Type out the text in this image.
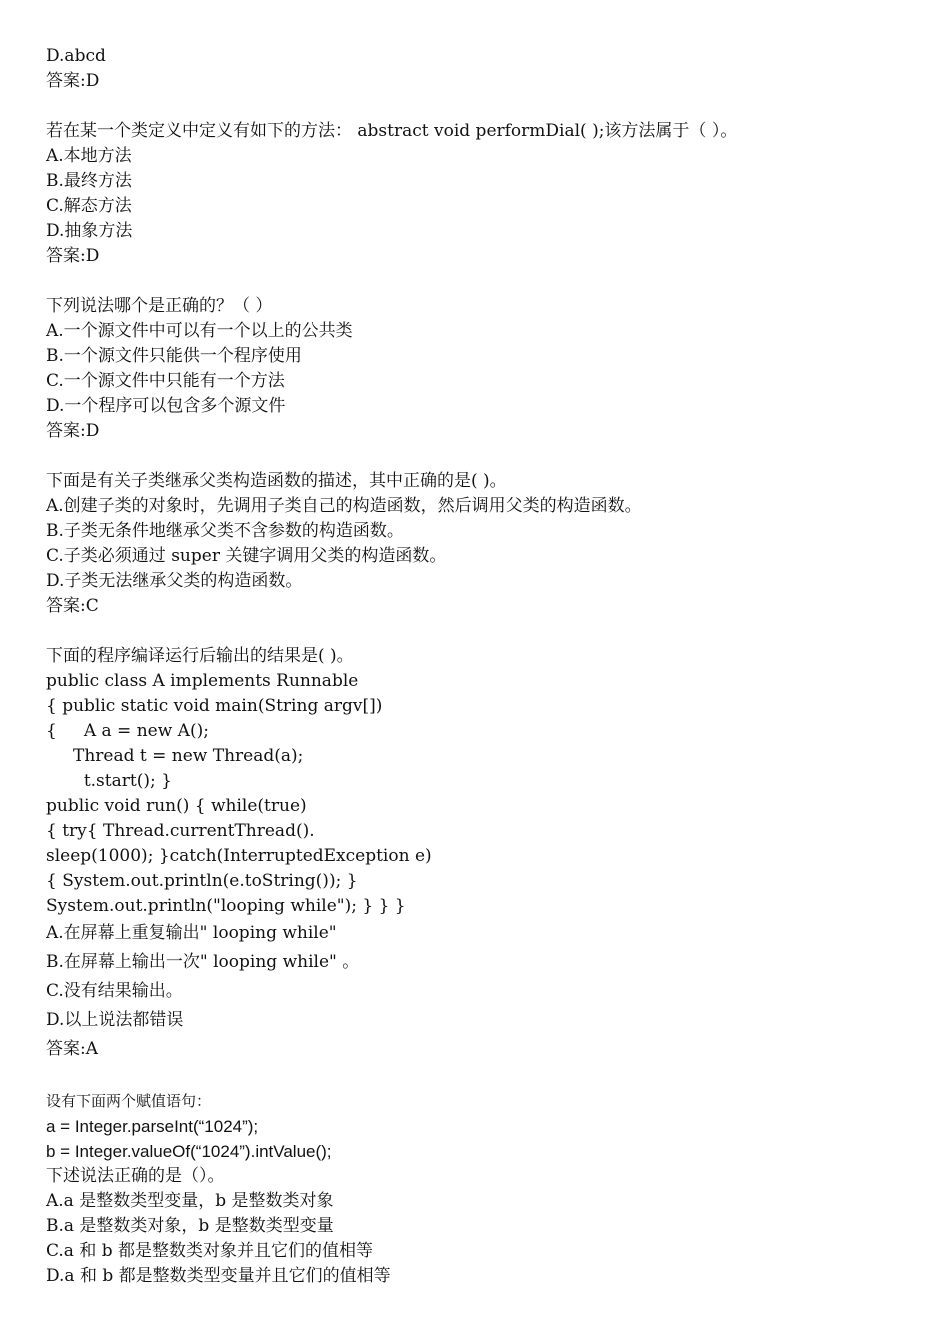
D.abcd
答案:D
若在某一个类定义中定义有如下的方法： abstract void performDial( );该方法属于（ ）。
A.本地方法
B.最终方法
C.解态方法
D.抽象方法
答案:D
下列说法哪个是正确的？（ ）
A.一个源文件中可以有一个以上的公共类
B.一个源文件只能供一个程序使用
C.一个源文件中只能有一个方法
D.一个程序可以包含多个源文件
答案:D
下面是有关子类继承父类构造函数的描述，其中正确的是( )。
A.创建子类的对象时，先调用子类自己的构造函数，然后调用父类的构造函数。
B.子类无条件地继承父类不含参数的构造函数。
C.子类必须通过 super 关键字调用父类的构造函数。
D.子类无法继承父类的构造函数。
答案:C
下面的程序编译运行后输出的结果是( )。
public class A implements Runnable
{ public static void main(String argv[])
{     A a = new A();
Thread t = new Thread(a);
t.start(); }
public void run() { while(true)
{ try{ Thread.currentThread().
sleep(1000); }catch(InterruptedException e)
{ System.out.println(e.toString()); }
System.out.println("looping while"); } } }
A.在屏幕上重复输出" looping while"
B.在屏幕上输出一次" looping while" 。
C.没有结果输出。
D.以上说法都错误
答案:A
设有下面两个赋值语句：
a = Integer.parseInt(“1024”);
b = Integer.valueOf(“1024”).intValue();
下述说法正确的是（）。
A.a 是整数类型变量，b 是整数类对象
B.a 是整数类对象，b 是整数类型变量
C.a 和 b 都是整数类对象并且它们的值相等
D.a 和 b 都是整数类型变量并且它们的值相等
